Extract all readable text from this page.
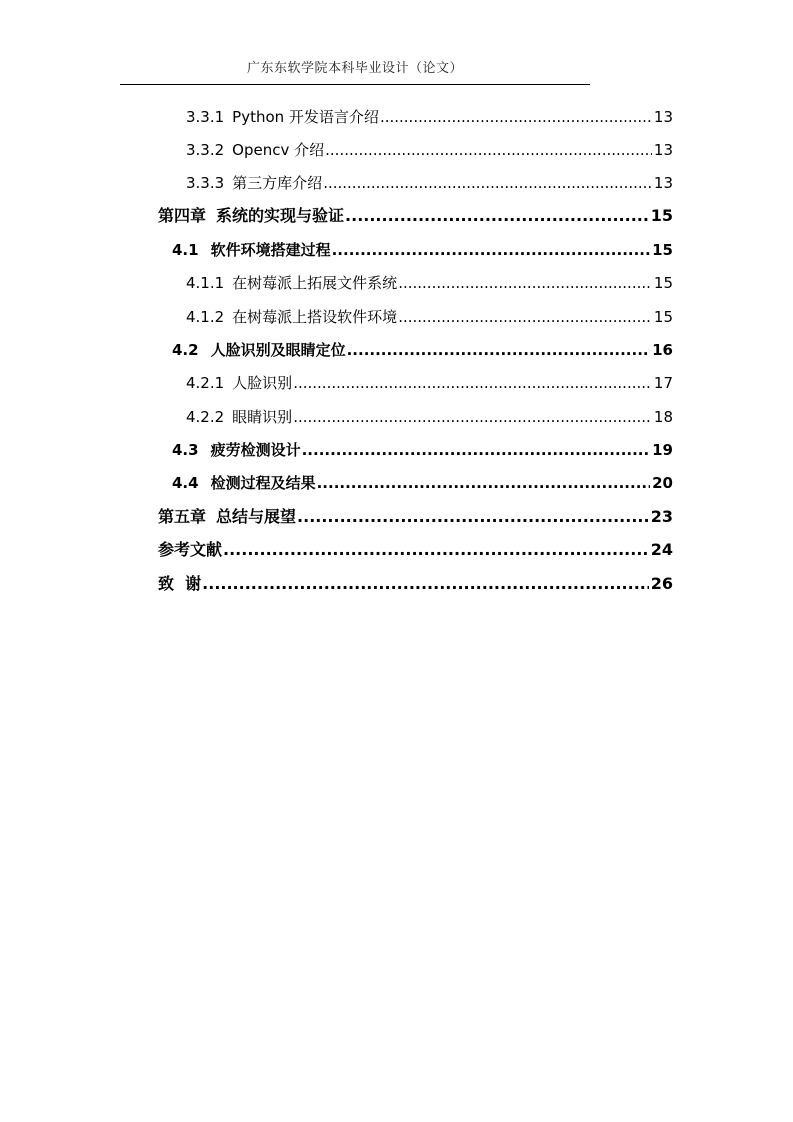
广东东软学院本科毕业设计（论文）
3.3.1 Python 开发语言介绍 .....	13
3.3.2 Opencv 介绍 .....	13
3.3.3 第三方库介绍 .....	13
第四章 系统的实现与验证 .....	15
4.1 软件环境搭建过程 .....	15
4.1.1 在树莓派上拓展文件系统 .....	15
4.1.2 在树莓派上搭设软件环境 .....	15
4.2 人脸识别及眼睛定位 .....	16
4.2.1 人脸识别 .....	17
4.2.2 眼睛识别 .....	18
4.3 疲劳检测设计 .....	19
4.4 检测过程及结果 .....	20
第五章 总结与展望 .....	23
参考文献 .....	24
致  谢 .....	26
